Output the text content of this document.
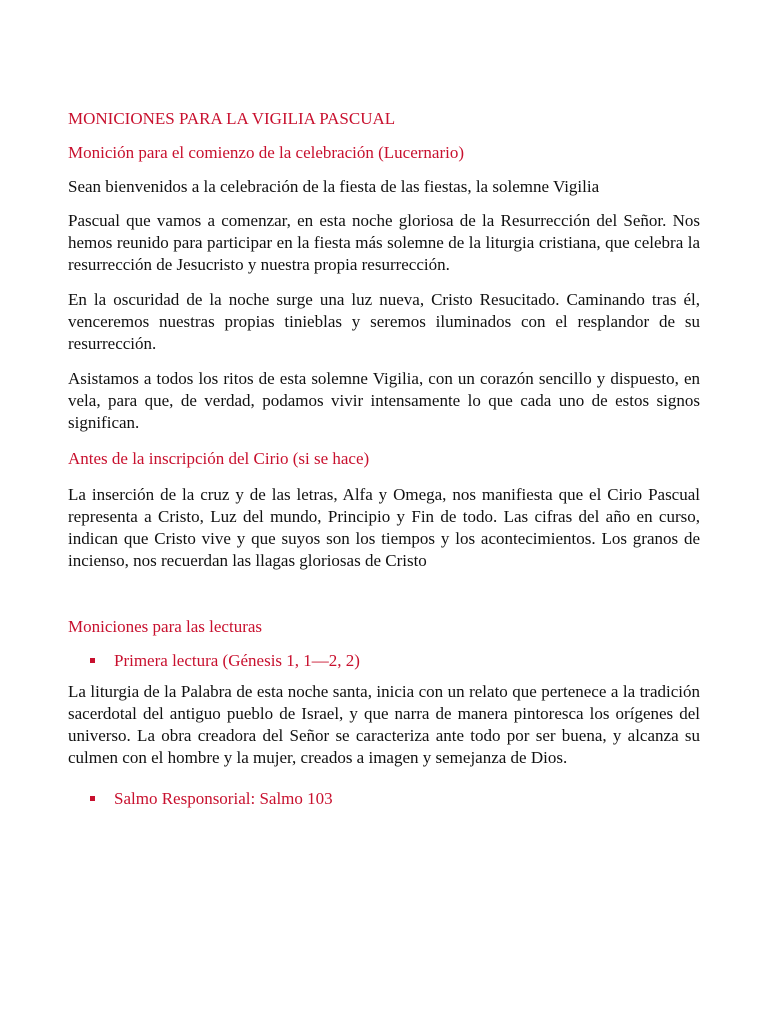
MONICIONES PARA LA VIGILIA PASCUAL
Monición para el comienzo de la celebración (Lucernario)
Sean bienvenidos a la celebración de la fiesta de las fiestas, la solemne Vigilia
Pascual que vamos a comenzar, en esta noche gloriosa de la Resurrección del Señor. Nos hemos reunido para participar en la fiesta más solemne de la liturgia cristiana, que celebra la resurrección de Jesucristo y nuestra propia resurrección.
En la oscuridad de la noche surge una luz nueva, Cristo Resucitado. Caminando tras él, venceremos nuestras propias tinieblas y seremos iluminados con el resplandor de su resurrección.
Asistamos a todos los ritos de esta solemne Vigilia, con un corazón sencillo y dispuesto, en vela, para que, de verdad, podamos vivir intensamente lo que cada uno de estos signos significan.
Antes de la inscripción del Cirio (si se hace)
La inserción de la cruz y de las letras, Alfa y Omega, nos manifiesta que el Cirio Pascual representa a Cristo, Luz del mundo, Principio y Fin de todo. Las cifras del año en curso, indican que Cristo vive y que suyos son los tiempos y los acontecimientos. Los granos de incienso, nos recuerdan las llagas gloriosas de Cristo
Moniciones para las lecturas
Primera lectura (Génesis 1, 1—2, 2)
La liturgia de la Palabra de esta noche santa, inicia con un relato que pertenece a la tradición sacerdotal del antiguo pueblo de Israel, y que narra de manera pintoresca los orígenes del universo. La obra creadora del Señor se caracteriza ante todo por ser buena, y alcanza su culmen con el hombre y la mujer, creados a imagen y semejanza de Dios.
Salmo Responsorial: Salmo 103
